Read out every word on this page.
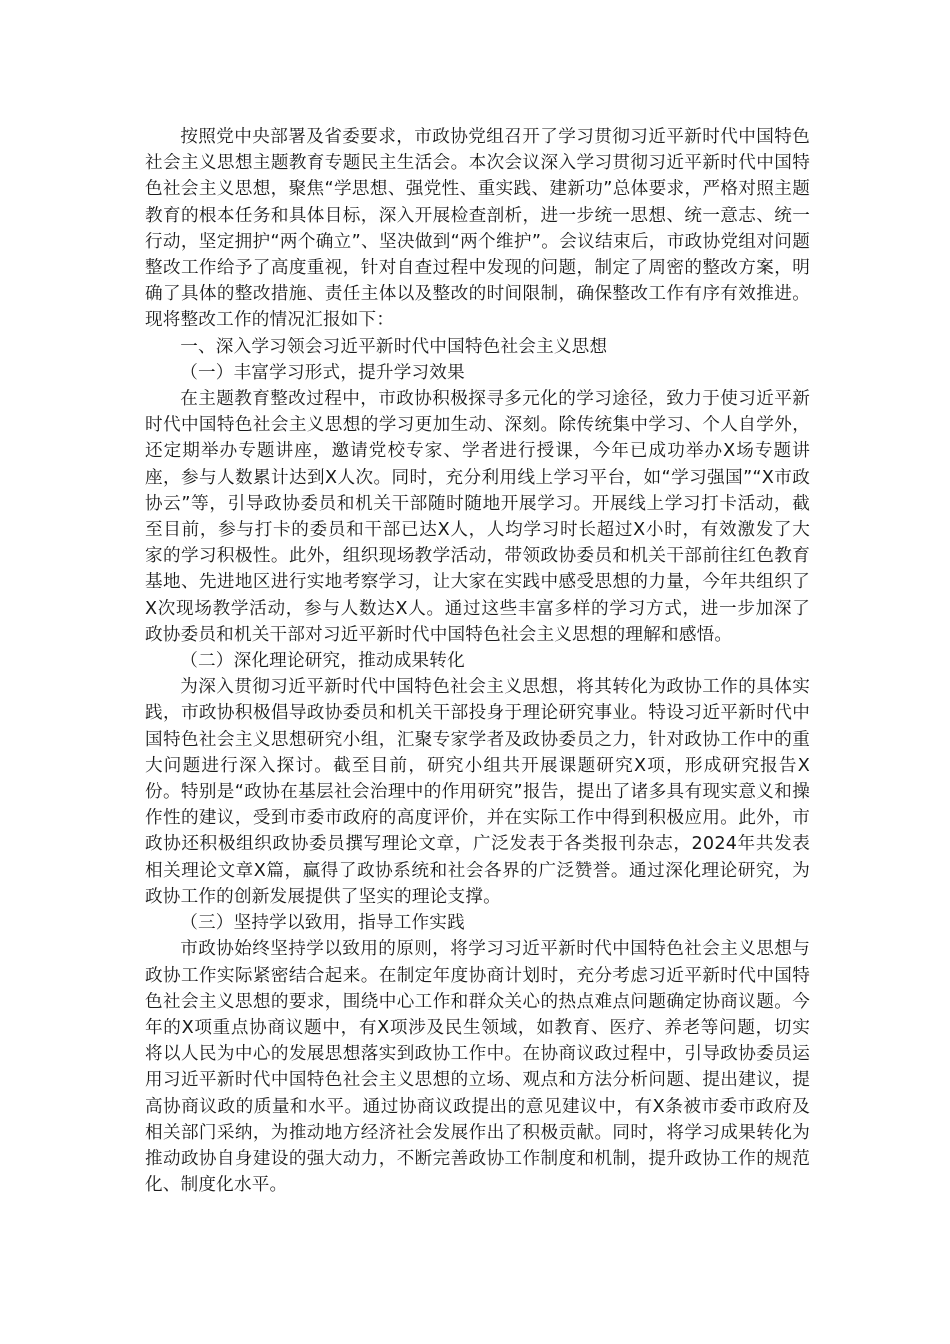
按照党中央部署及省委要求，市政协党组召开了学习贯彻习近平新时代中国特色社会主义思想主题教育专题民主生活会。本次会议深入学习贯彻习近平新时代中国特色社会主义思想，聚焦“学思想、强党性、重实践、建新功”总体要求，严格对照主题教育的根本任务和具体目标，深入开展检查剖析，进一步统一思想、统一意志、统一行动，坚定拥护“两个确立”、坚决做到“两个维护”。会议结束后，市政协党组对问题整改工作给予了高度重视，针对自查过程中发现的问题，制定了周密的整改方案，明确了具体的整改措施、责任主体以及整改的时间限制，确保整改工作有序有效推进。现将整改工作的情况汇报如下：

一、深入学习领会习近平新时代中国特色社会主义思想

（一）丰富学习形式，提升学习效果

在主题教育整改过程中，市政协积极探寻多元化的学习途径，致力于使习近平新时代中国特色社会主义思想的学习更加生动、深刻。除传统集中学习、个人自学外，还定期举办专题讲座，邀请党校专家、学者进行授课，今年已成功举办X场专题讲座，参与人数累计达到X人次。同时，充分利用线上学习平台，如“学习强国”“X市政协云”等，引导政协委员和机关干部随时随地开展学习。开展线上学习打卡活动，截至目前，参与打卡的委员和干部已达X人，人均学习时长超过X小时，有效激发了大家的学习积极性。此外，组织现场教学活动，带领政协委员和机关干部前往红色教育基地、先进地区进行实地考察学习，让大家在实践中感受思想的力量，今年共组织了X次现场教学活动，参与人数达X人。通过这些丰富多样的学习方式，进一步加深了政协委员和机关干部对习近平新时代中国特色社会主义思想的理解和感悟。

（二）深化理论研究，推动成果转化

为深入贯彻习近平新时代中国特色社会主义思想，将其转化为政协工作的具体实践，市政协积极倡导政协委员和机关干部投身于理论研究事业。特设习近平新时代中国特色社会主义思想研究小组，汇聚专家学者及政协委员之力，针对政协工作中的重大问题进行深入探讨。截至目前，研究小组共开展课题研究X项，形成研究报告X份。特别是“政协在基层社会治理中的作用研究”报告，提出了诸多具有现实意义和操作性的建议，受到市委市政府的高度评价，并在实际工作中得到积极应用。此外，市政协还积极组织政协委员撰写理论文章，广泛发表于各类报刊杂志，2024年共发表相关理论文章X篇，赢得了政协系统和社会各界的广泛赞誉。通过深化理论研究，为政协工作的创新发展提供了坚实的理论支撑。

（三）坚持学以致用，指导工作实践

市政协始终坚持学以致用的原则，将学习习近平新时代中国特色社会主义思想与政协工作实际紧密结合起来。在制定年度协商计划时，充分考虑习近平新时代中国特色社会主义思想的要求，围绕中心工作和群众关心的热点难点问题确定协商议题。今年的X项重点协商议题中，有X项涉及民生领域，如教育、医疗、养老等问题，切实将以人民为中心的发展思想落实到政协工作中。在协商议政过程中，引导政协委员运用习近平新时代中国特色社会主义思想的立场、观点和方法分析问题、提出建议，提高协商议政的质量和水平。通过协商议政提出的意见建议中，有X条被市委市政府及相关部门采纳，为推动地方经济社会发展作出了积极贡献。同时，将学习成果转化为推动政协自身建设的强大动力，不断完善政协工作制度和机制，提升政协工作的规范化、制度化水平。
